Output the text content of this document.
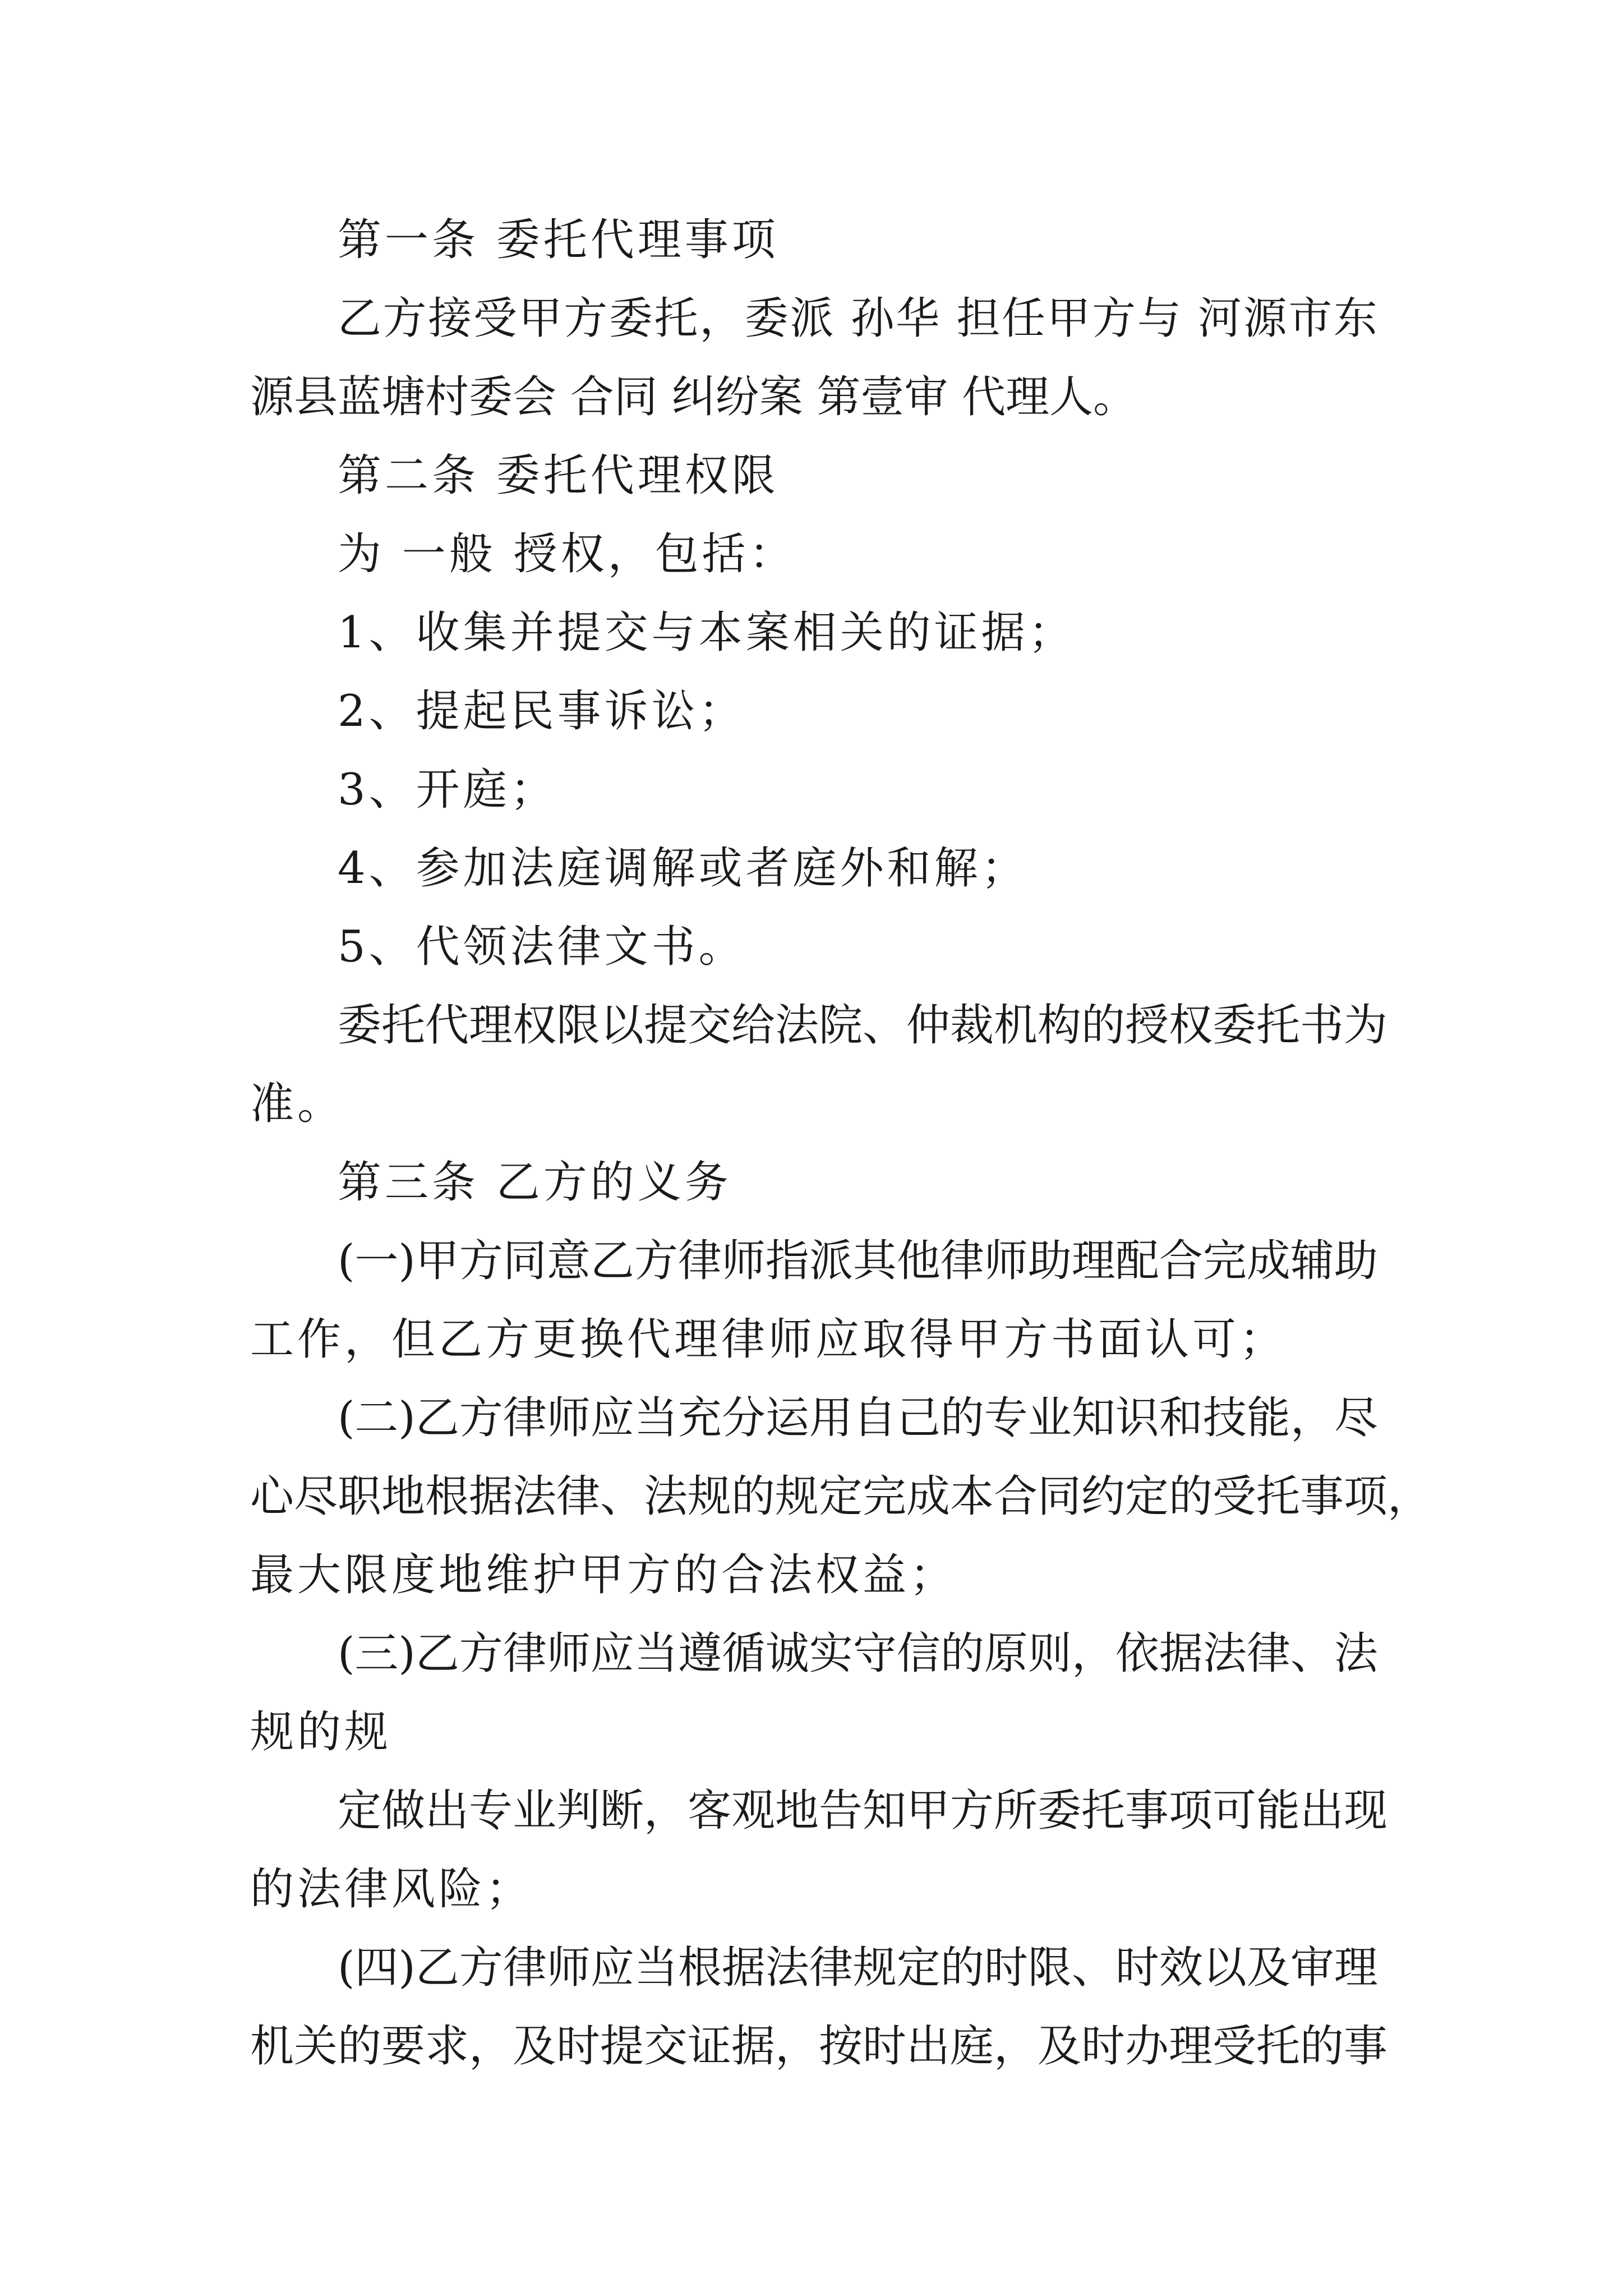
第一条 委托代理事项
乙方接受甲方委托，委派 孙华 担任甲方与 河源市东
源县蓝塘村委会 合同 纠纷案 第壹审 代理人。
第二条 委托代理权限
为 一般 授权，包括：
1、收集并提交与本案相关的证据；
2、提起民事诉讼；
3、开庭；
4、参加法庭调解或者庭外和解；
5、代领法律文书。
委托代理权限以提交给法院、仲裁机构的授权委托书为
准。
第三条 乙方的义务
(一)甲方同意乙方律师指派其他律师助理配合完成辅助
工作，但乙方更换代理律师应取得甲方书面认可；
(二)乙方律师应当充分运用自己的专业知识和技能，尽
心尽职地根据法律、法规的规定完成本合同约定的受托事项，
最大限度地维护甲方的合法权益；
(三)乙方律师应当遵循诚实守信的原则，依据法律、法
规的规
定做出专业判断，客观地告知甲方所委托事项可能出现
的法律风险；
(四)乙方律师应当根据法律规定的时限、时效以及审理
机关的要求，及时提交证据，按时出庭，及时办理受托的事
